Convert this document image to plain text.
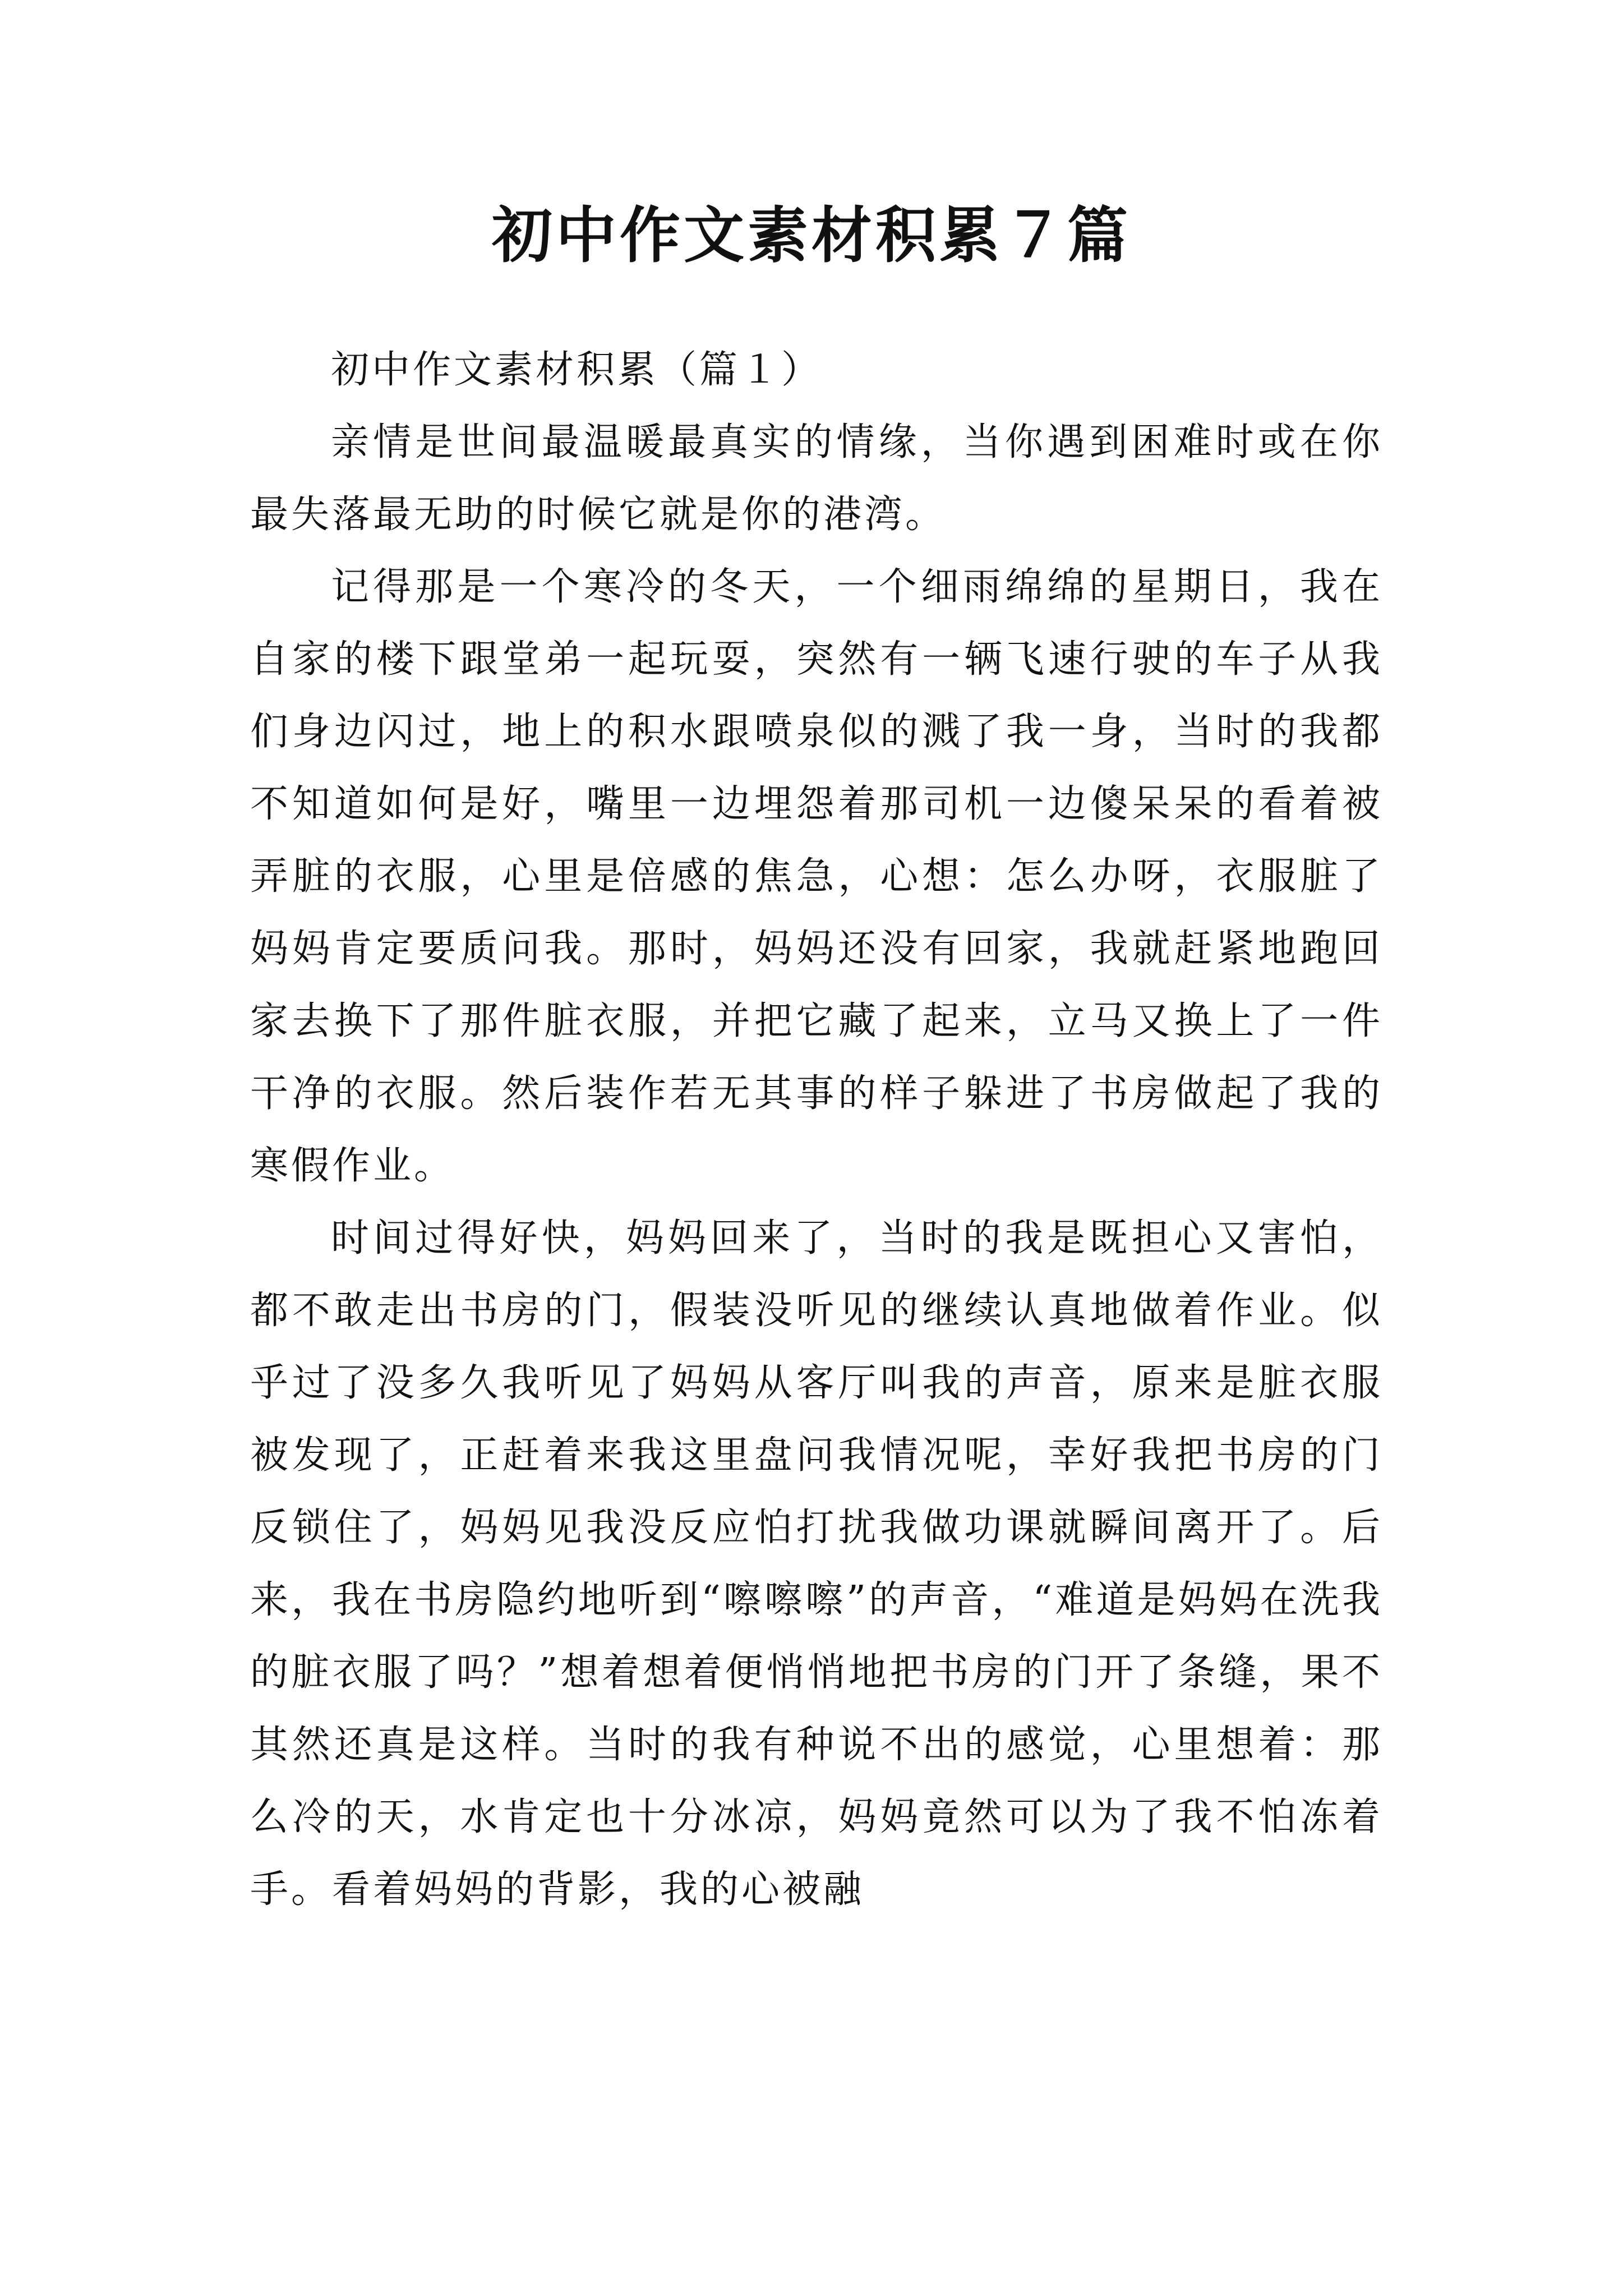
初中作文素材积累７篇

初中作文素材积累（篇１）

亲情是世间最温暖最真实的情缘，当你遇到困难时或在你最失落最无助的时候它就是你的港湾。

记得那是一个寒冷的冬天，一个细雨绵绵的星期日，我在自家的楼下跟堂弟一起玩耍，突然有一辆飞速行驶的车子从我们身边闪过，地上的积水跟喷泉似的溅了我一身，当时的我都不知道如何是好，嘴里一边埋怨着那司机一边傻呆呆的看着被弄脏的衣服，心里是倍感的焦急，心想：怎么办呀，衣服脏了妈妈肯定要质问我。那时，妈妈还没有回家，我就赶紧地跑回家去换下了那件脏衣服，并把它藏了起来，立马又换上了一件干净的衣服。然后装作若无其事的样子躲进了书房做起了我的寒假作业。

时间过得好快，妈妈回来了，当时的我是既担心又害怕，都不敢走出书房的门，假装没听见的继续认真地做着作业。似乎过了没多久我听见了妈妈从客厅叫我的声音，原来是脏衣服被发现了，正赶着来我这里盘问我情况呢，幸好我把书房的门反锁住了，妈妈见我没反应怕打扰我做功课就瞬间离开了。后来，我在书房隐约地听到“嚓嚓嚓”的声音，“难道是妈妈在洗我的脏衣服了吗？”想着想着便悄悄地把书房的门开了条缝，果不其然还真是这样。当时的我有种说不出的感觉，心里想着：那么冷的天，水肯定也十分冰凉，妈妈竟然可以为了我不怕冻着手。看着妈妈的背影，我的心被融
